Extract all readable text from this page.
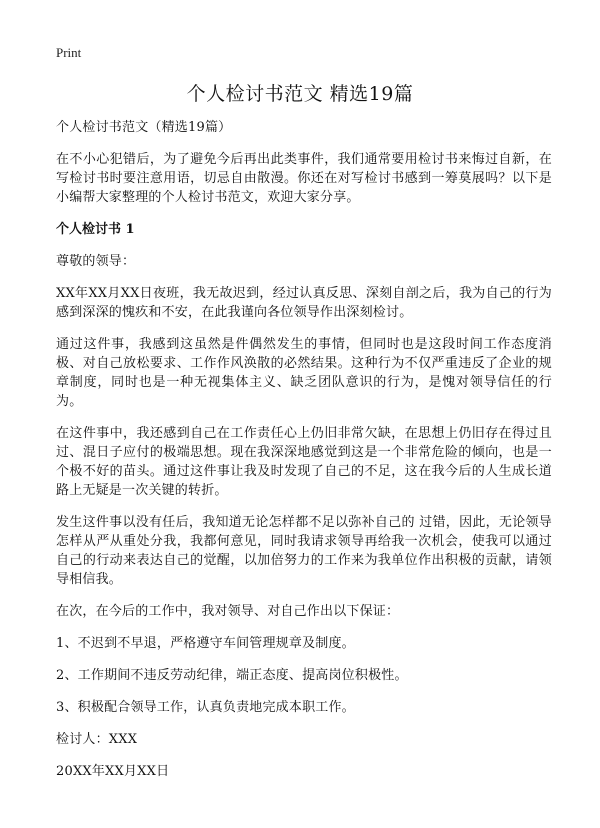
Print
个人检讨书范文 精选19篇

个人检讨书范文（精选19篇）

在不小心犯错后，为了避免今后再出此类事件，我们通常要用检讨书来悔过自新，在写检讨书时要注意用语，切忌自由散漫。你还在对写检讨书感到一筹莫展吗？以下是小编帮大家整理的个人检讨书范文，欢迎大家分享。

个人检讨书 1

尊敬的领导：

XX年XX月XX日夜班，我无故迟到，经过认真反思、深刻自剖之后，我为自己的行为感到深深的愧疚和不安，在此我谨向各位领导作出深刻检讨。

通过这件事，我感到这虽然是件偶然发生的事情，但同时也是这段时间工作态度消极、对自己放松要求、工作作风涣散的必然结果。这种行为不仅严重违反了企业的规章制度，同时也是一种无视集体主义、缺乏团队意识的行为，是愧对领导信任的行为。

在这件事中，我还感到自己在工作责任心上仍旧非常欠缺，在思想上仍旧存在得过且过、混日子应付的极端思想。现在我深深地感觉到这是一个非常危险的倾向，也是一个极不好的苗头。通过这件事让我及时发现了自己的不足，这在我今后的人生成长道路上无疑是一次关键的转折。

发生这件事以没有任后，我知道无论怎样都不足以弥补自己的 过错，因此，无论领导怎样从严从重处分我，我都何意见，同时我请求领导再给我一次机会，使我可以通过自己的行动来表达自己的觉醒，以加倍努力的工作来为我单位作出积极的贡献，请领导相信我。

在次，在今后的工作中，我对领导、对自己作出以下保证：

1、不迟到不早退，严格遵守车间管理规章及制度。

2、工作期间不违反劳动纪律，端正态度、提高岗位积极性。

3、积极配合领导工作，认真负责地完成本职工作。

检讨人：XXX

20XX年XX月XX日
